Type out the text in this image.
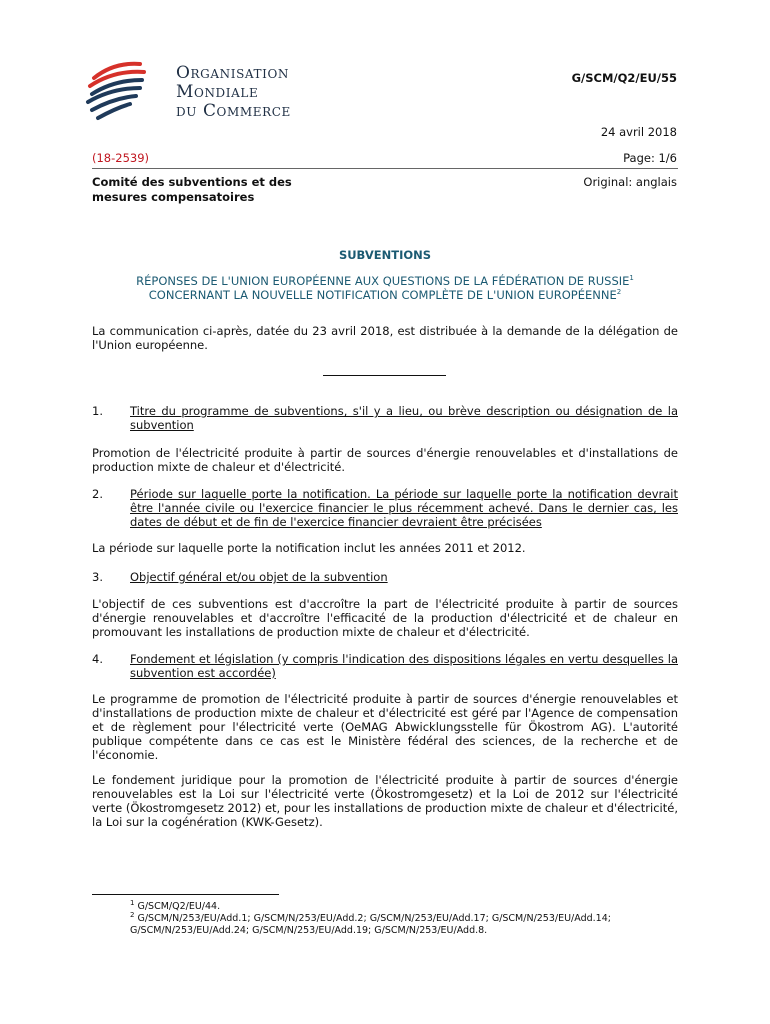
Organisation
Mondiale
du Commerce
G/SCM/Q2/EU/55
24 avril 2018
(18-2539)	Page: 1/6
Comité des subventions et des mesures compensatoires
Original: anglais
SUBVENTIONS
RÉPONSES DE L'UNION EUROPÉENNE AUX QUESTIONS DE LA FÉDÉRATION DE RUSSIE$^1$
CONCERNANT LA NOUVELLE NOTIFICATION COMPLÈTE DE L'UNION EUROPÉENNE$^2$
La communication ci-après, datée du 23 avril 2018, est distribuée à la demande de la délégation de l'Union européenne.
1. Titre du programme de subventions, s'il y a lieu, ou brève description ou désignation de la subvention
Promotion de l'électricité produite à partir de sources d'énergie renouvelables et d'installations de production mixte de chaleur et d'électricité.
2. Période sur laquelle porte la notification. La période sur laquelle porte la notification devrait être l'année civile ou l'exercice financier le plus récemment achevé. Dans le dernier cas, les dates de début et de fin de l'exercice financier devraient être précisées
La période sur laquelle porte la notification inclut les années 2011 et 2012.
3. Objectif général et/ou objet de la subvention
L'objectif de ces subventions est d'accroître la part de l'électricité produite à partir de sources d'énergie renouvelables et d'accroître l'efficacité de la production d'électricité et de chaleur en promouvant les installations de production mixte de chaleur et d'électricité.
4. Fondement et législation (y compris l'indication des dispositions légales en vertu desquelles la subvention est accordée)
Le programme de promotion de l'électricité produite à partir de sources d'énergie renouvelables et d'installations de production mixte de chaleur et d'électricité est géré par l'Agence de compensation et de règlement pour l'électricité verte (OeMAG Abwicklungsstelle für Ökostrom AG). L'autorité publique compétente dans ce cas est le Ministère fédéral des sciences, de la recherche et de l'économie.
Le fondement juridique pour la promotion de l'électricité produite à partir de sources d'énergie renouvelables est la Loi sur l'électricité verte (Ökostromgesetz) et la Loi de 2012 sur l'électricité verte (Ökostromgesetz 2012) et, pour les installations de production mixte de chaleur et d'électricité, la Loi sur la cogénération (KWK-Gesetz).
$^1$ G/SCM/Q2/EU/44.
$^2$ G/SCM/N/253/EU/Add.1; G/SCM/N/253/EU/Add.2; G/SCM/N/253/EU/Add.17; G/SCM/N/253/EU/Add.14; G/SCM/N/253/EU/Add.24; G/SCM/N/253/EU/Add.19; G/SCM/N/253/EU/Add.8.
